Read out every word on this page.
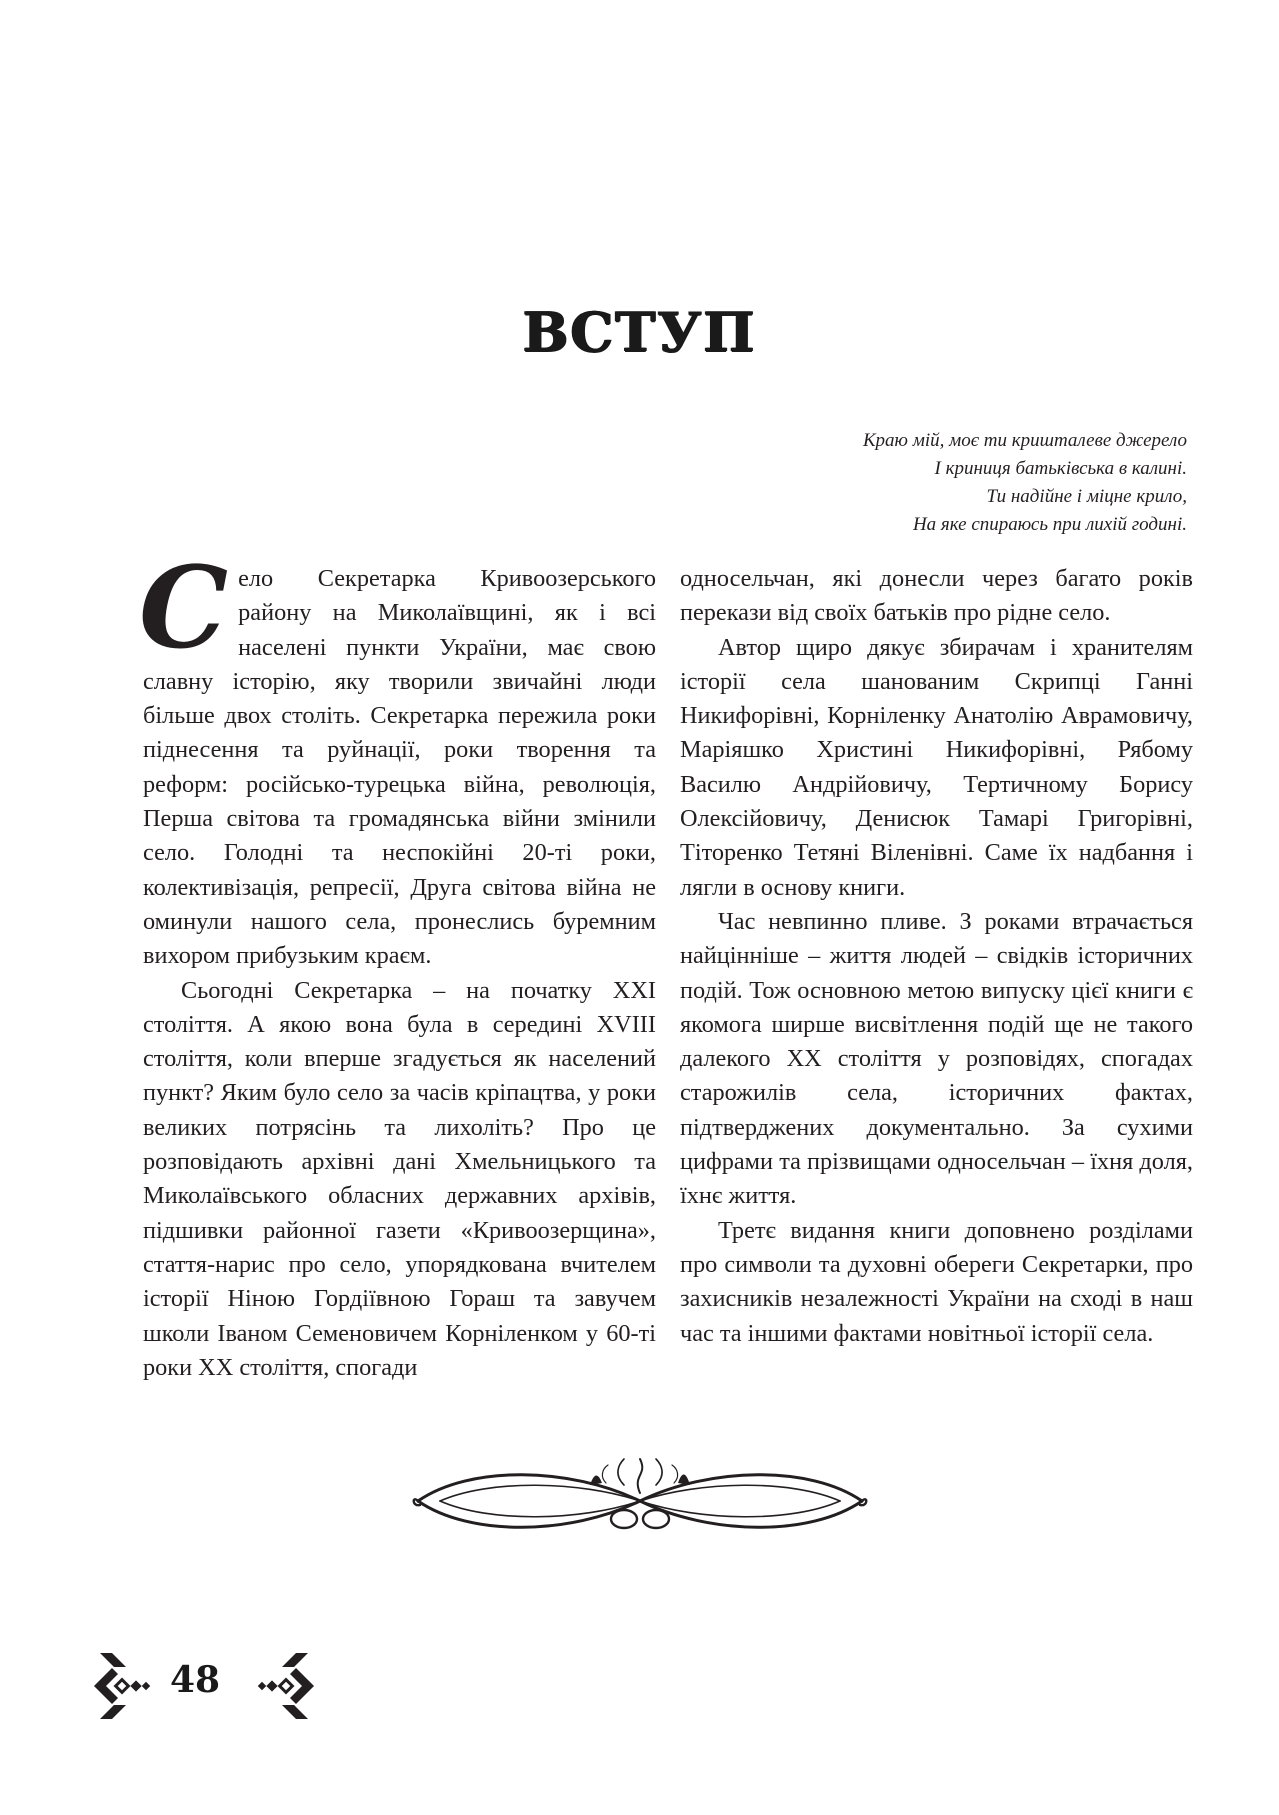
ВСТУП
Краю мій, моє ти кришталеве джерело
І криниця батьківська в калині.
Ти надійне і міцне крило,
На яке спираюсь при лихій годині.

Село Секретарка Кривоозерського району на Миколаївщині, як і всі населені пункти України, має свою славну історію, яку творили звичайні люди більше двох століть. Секретарка пережила роки піднесення та руйнації, роки творення та реформ: російсько-турецька війна, революція, Перша світова та громадянська війни змінили село. Голодні та неспокійні 20-ті роки, колективізація, репресії, Друга світова війна не оминули нашого села, пронеслись буремним вихором прибузьким краєм.

Сьогодні Секретарка – на початку XXI століття. А якою вона була в середині XVIII століття, коли вперше згадується як населений пункт? Яким було село за часів кріпацтва, у роки великих потрясінь та лихоліть? Про це розповідають архівні дані Хмельницького та Миколаївського обласних державних архівів, підшивки районної газети «Кривоозерщина», стаття-нарис про село, упорядкована вчителем історії Ніною Гордіївною Гораш та завучем школи Іваном Семеновичем Корніленком у 60-ті роки XX століття, спогади

односельчан, які донесли через багато років перекази від своїх батьків про рідне село.

Автор щиро дякує збирачам і хранителям історії села шанованим Скрипці Ганні Никифорівні, Корніленку Анатолію Аврамовичу, Маріяшко Христині Никифорівні, Рябому Василю Андрійовичу, Тертичному Борису Олексійовичу, Денисюк Тамарі Григорівні, Тіторенко Тетяні Віленівні. Саме їх надбання і лягли в основу книги.

Час невпинно пливе. З роками втрачається найцінніше – життя людей – свідків історичних подій. Тож основною метою випуску цієї книги є якомога ширше висвітлення подій ще не такого далекого XX століття у розповідях, спогадах старожилів села, історичних фактах, підтверджених документально. За сухими цифрами та прізвищами односельчан – їхня доля, їхнє життя.

Третє видання книги доповнено розділами про символи та духовні обереги Секретарки, про захисників незалежності України на сході в наш час та іншими фактами новітньої історії села.

48
